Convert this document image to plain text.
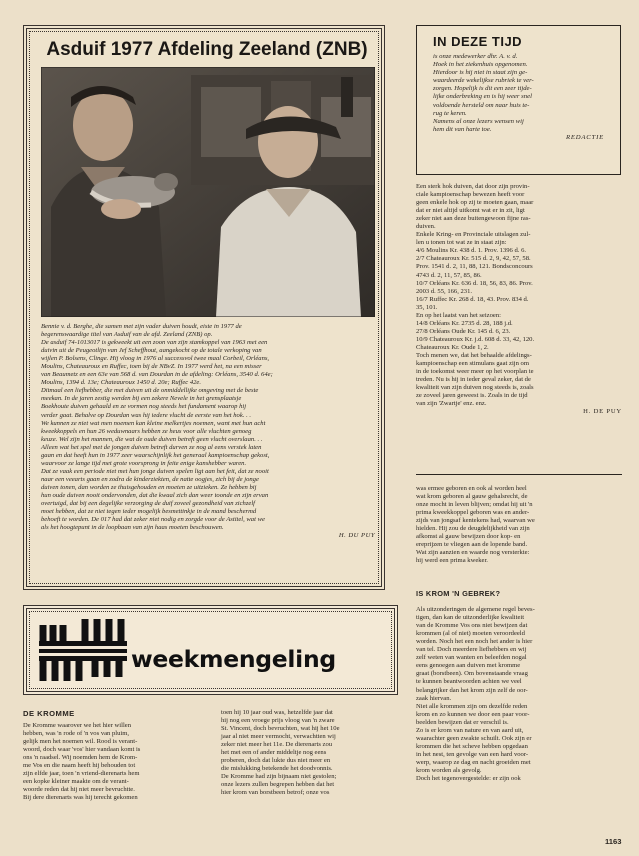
Asduif 1977 Afdeling Zeeland (ZNB)

Bennie v. d. Berghe, die samen met zijn vader duiven houdt, eiste in 1977 de

begerenswaardige titel van Asduif van de afd. Zeeland (ZNB) op.

De asduif 74-1013017 is gekweekt uit een zoon van zijn stamkoppel van 1963 met een

duivin uit de Peugeotlijn van Jef Scheffhout, aangekocht op de totale verkoping van

wijlen P. Bolsens, Clinge. Hij vloog in 1976 al successvol twee maal Corbeil, Orléans,

Moulins, Chateauroux en Ruffec, toen bij de NBvZ. In 1977 werd het, na een misser

van Beaumetz en een 63e van 568 d. van Dourdan in de afdeling: Orléans, 3540 d. 64e;

Moulins, 1394 d. 13e; Chateauroux 1450 d. 20e; Ruffec 42e.

Ditmaal een liefhebber, die met duiven uit de onmiddellijke omgeving met de beste

meekan. In de jaren zestig werden bij een zekere Nevele in het grensplaatsje

Boekhoute duiven gehaald en ze vormen nog steeds het fundament waarop hij

verder gaat. Behalve op Dourdan was hij iedere vlucht de eerste van het hok. . .

We kunnen ze niet wat men noemen kan kleine melkertjes noemen, want met hun acht

kweekkoppels en hun 26 weduwnaars hebben ze heus voor alle vluchten genoeg

keuze. Wel zijn het mannen, die wat de oude duiven betreft geen vlucht overslaan. . .

Alleen wat het spel met de jongen duiven betreft durven ze nog al eens verstek laten

gaan en dat heeft hun in 1977 zeer waarschijnlijk het generaal kampioenschap gekost,

waarvoor ze lange tijd met grote voorsprong in feite enige kanshebber waren.

Dat ze vaak een periode niet met hun jonge duiven spelen ligt aan het feit, dat ze nooit

naar een veearts gaan en zodra de kinderziekten, de natte oogjes, zich bij de jonge

duiven tonen, dan worden ze thuisgehouden en moeten ze uitzieken. Ze hebben bij

hun oude duiven nooit ondervonden, dat die kwaal zich dan weer toonde en zijn ervan

overtuigd, dat bij een degelijke verzorging de duif zoveel gezondheid van zichzelf

moet hebben, dat ze niet tegen ieder mogelijk besmettinkje in de mand beschermd

behoeft te worden. De 017 had dat zeker niet nodig en zorgde voor de Astitel, wat we

als het hoogtepunt in de loopbaan van zijn haas moeten beschouwen.

H. DU PUY

IN DEZE TIJD

is onze medewerker dhr. A. v. d.

Hoek in het ziekenhuis opgenomen.

Hierdoor is hij niet in staat zijn ge-

waardeerde wekelijkse rubriek te ver-

zorgen. Hopelijk is dit een zeer tijde-

lijke onderbreking en is hij weer snel

voldoende hersteld om naar huis te-

rug te keren.

Namens al onze lezers wensen wij

hem dit van harte toe.

REDACTIE

Een sterk hok duiven, dat door zijn provin-

ciale kampioenschap bewezen heeft voor

geen enkele hok op zij te moeten gaan, maar

dat er niet altijd uitkomt wat er in zit, ligt

zeker niet aan deze buitengewoon fijne ras-

duiven.

Enkele Kring- en Provinciale uitslagen zul-

len u tonen tot wat ze in staat zijn:

4/6 Moulins Kr. 438 d. 1. Prov. 1396 d. 6.

2/7 Chateauroux Kr. 515 d. 2, 9, 42, 57, 58.

Prov. 1541 d. 2, 11, 88, 121. Bondsconcours

4743 d. 2, 11, 57, 85, 86.

10/7 Orléans Kr. 636 d. 18, 56, 83, 86. Prov.

2003 d. 55, 166, 231.

16/7 Ruffec Kr. 268 d. 18, 43. Prov. 834 d.

35, 101.

En op het laatst van het seizoen:

14/8 Orléans Kr. 2735 d. 28, 188 j.d.

27/8 Orléans Oude Kr. 145 d. 6, 23.

10/9 Chateauroux Kr. j.d. 608 d. 33, 42, 120.

Chateauroux Kr. Oude 1, 2.

Toch menen we, dat het behaalde afdelings-

kampioenschap een stimulans gaat zijn om

in de toekomst weer meer op het voorplan te

treden. Nu is hij in ieder geval zeker, dat de

kwaliteit van zijn duiven nog steeds is, zoals

ze zoveel jaren geweest is. Zoals in de tijd

van zijn 'Zwartje' enz. enz.

H. DE PUY

was ermee geboren en ook al worden heel

wat krom geboren al gauw gehalsrecht, de

onze mocht in leven blijven; omdat hij uit 'n

prima kweekkoppel geboren was en ander-

zijds van jongsaf kentekens had, waarvan we

hielden. Hij zou de deugdelijkheid van zijn

afkomst al gauw bewijzen door kop- en

ereprijzen te vliegen aan de lopende band.

Wat zijn aanzien en waarde nog versterkte:

hij werd een prima kweker.

IS KROM 'N GEBREK?

Als uitzonderingen de algemene regel beves-

tigen, dan kan de uitzonderlijke kwaliteit

van de Kromme Vos ons niet bewijzen dat

krommen (al of niet) moeten veroordeeld

worden. Noch het een noch het ander is hier

van tel. Doch meerdere liefhebbers en wij

zelf weten van wanten en beleefden nogal

eens genoegen aan duiven met kromme

graat (borstbeen). Om bovenstaande vraag

te kunnen beantwoorden achten we veel

belangrijker dan het krom zijn zelf de oor-

zaak hiervan.

Niet alle krommen zijn om dezelfde reden

krom en zo kunnen we door een paar voor-

beelden bewijzen dat er verschil is.

Zo is er krom van nature en van aard uit,

waarachter geen zwakte schuilt. Ook zijn er

krommen die het scheve hebben opgedaan

in het nest, ten gevolge van een hard voor-

werp, waarop ze dag en nacht groeiden met

krom worden als gevolg.

Doch het tegenovergestelde: er zijn ook

weekmengeling
DE KROMME

De Kromme waarover we het hier willen

hebben, was 'n rode of 'n vos van pluim,

gelijk men het noemen wil. Rood is verant-

woord, doch waar 'vos' hier vandaan komt is

ons 'n raadsel. Wij noemden hem de Krom-

me Vos en die naam heeft hij behouden tot

zijn elfde jaar, toen 'n vriend-dierenarts hem

een kopke kleiner maakte om de verant-

woorde reden dat hij niet meer bevruchtte.

Bij dere dierenarts was hij terecht gekomen

toen hij 10 jaar oud was, hetzelfde jaar dat

hij nog een vroege prijs vloog van 'n zware

St. Vincent, doch bevruchten, wat hij het 10e

jaar al niet meer vermocht, verwachtten wij

zeker niet meer het 11e. De dierenarts zou

het met een of ander middeltje nog eens

proberen, doch dat lukte dus niet meer en

die mislukking betekende het doodvonnis.

De Kromme had zijn bijnaam niet gestolen;

onze lezers zullen begrepen hebben dat het

hier krom van borstbeen betrof; onze vos

1163
